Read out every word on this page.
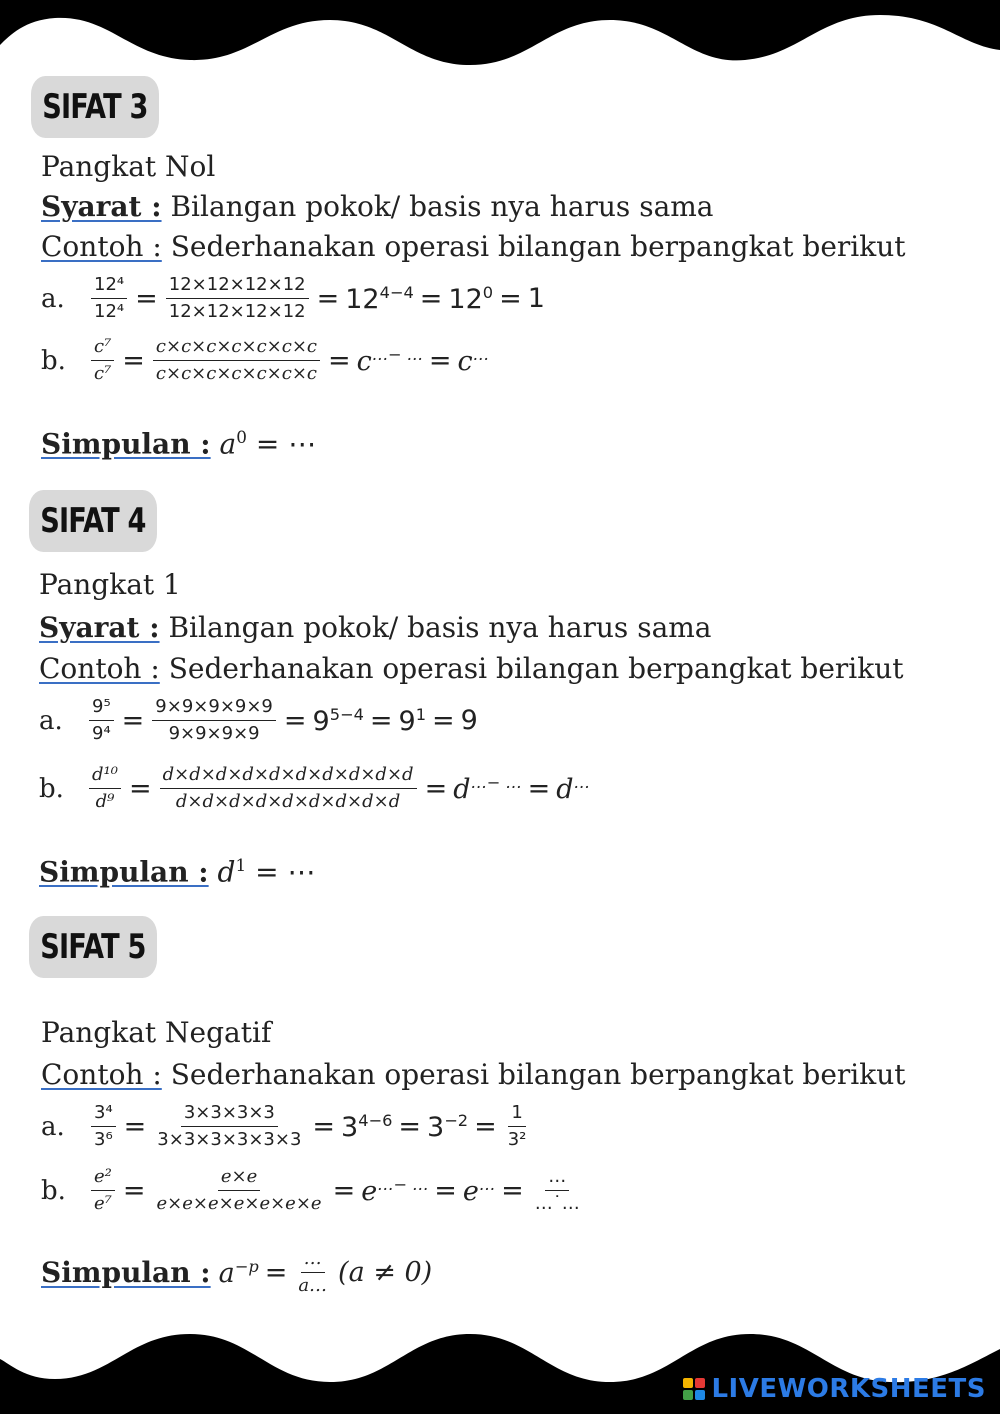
SIFAT 3
Pangkat Nol
Syarat : Bilangan pokok/ basis nya harus sama
Contoh : Sederhanakan operasi bilangan berpangkat berikut
a.	$\frac{\text{12⁴}}{\text{12⁴}} = \frac{12\times 12\times 12\times 12}{12\times 12\times 12\times 12} = 12^{4-4} = 12^0 = 1$
b.	$\frac{\text{c⁷}}{\text{c⁷}} = \frac{c\times c\times c\times c\times c\times c\times c}{c\times c\times c\times c\times c\times c\times c} = c^{\dots- \dots} = c^\dots$
Simpulan : $a^0$ = ⋯
SIFAT 4
Pangkat 1
Syarat : Bilangan pokok/ basis nya harus sama
Contoh : Sederhanakan operasi bilangan berpangkat berikut
a.	$\frac{\text{9⁵}}{\text{9⁴}} = \frac{9\times 9\times 9\times 9\times 9}{9\times 9\times 9\times 9} = 9^{5-4} = 9^1 = 9$
b.	$\frac{\text{d¹⁰}}{\text{d⁹}} = \frac{d\times d\times d\times d\times d\times d\times d\times d\times d\times d}{d\times d\times d\times d\times d\times d\times d\times d\times d} = d^{\dots- \dots} = d^\dots$
Simpulan : $d^1$ = ⋯
SIFAT 5
Pangkat Negatif
Contoh : Sederhanakan operasi bilangan berpangkat berikut
a.	$\frac{\text{3⁴}}{\text{3⁶}} = \frac{3\times 3\times 3\times 3}{3\times 3\times 3\times 3\times 3\times 3} = 3^{4-6} = 3^{-2} = \frac{1}{\text{3²}}$
b.	$\frac{\text{e²}}{\text{e⁷}} = \frac{e\times e}{e\times e\times e\times e\times e\times e\times e} = e^{\dots- \dots} = e^\dots = \frac{\dots}{\dots˙\dots}$
Simpulan : $a^{-p} = \frac{\dots}{a\dots} (a \ne 0)$
LIVEWORKSHEETS
